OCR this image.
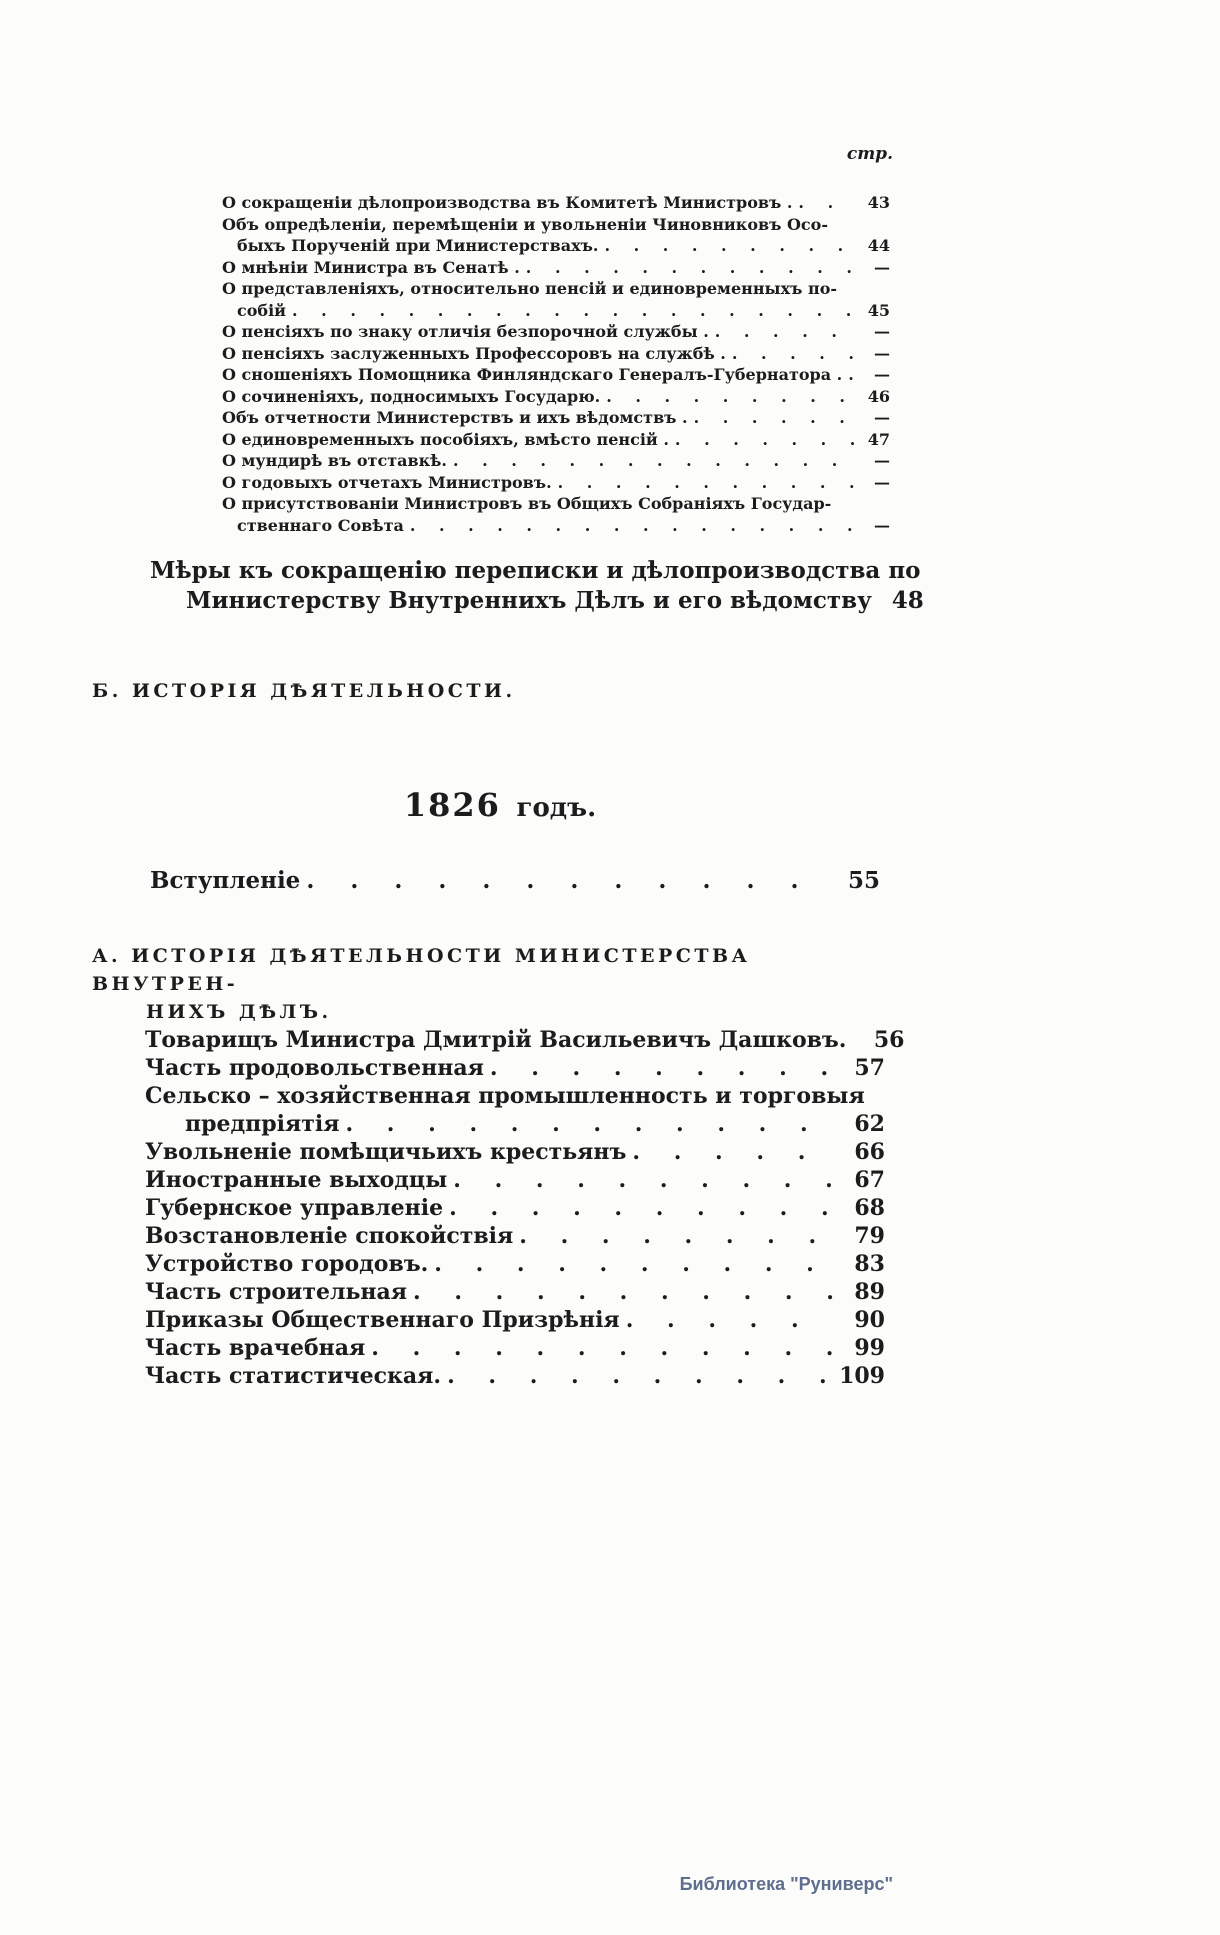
стр.
О сокращеніи дѣлопроизводства въ Комитетѣ Министровъ . . . .	43
Объ опредѣленіи, перемѣщеніи и увольненіи Чиновниковъ Осо-
быхъ Порученій при Министерствахъ. . . .	44
О мнѣніи Министра въ Сенатѣ . . . .	—
О представленіяхъ, относительно пенсій и единовременныхъ по-
собій . . .	45
О пенсіяхъ по знаку отличія безпорочной службы . . . .	—
О пенсіяхъ заслуженныхъ Профессоровъ на службѣ . . . .	—
О сношеніяхъ Помощника Финляндскаго Генералъ-Губернатора . . . .	—
О сочиненіяхъ, подносимыхъ Государю. . . .	46
Объ отчетности Министерствъ и ихъ вѣдомствъ . . . .	—
О единовременныхъ пособіяхъ, вмѣсто пенсій . . . .	47
О мундирѣ въ отставкѣ. . . .	—
О годовыхъ отчетахъ Министровъ. . . .	—
О присутствованіи Министровъ въ Общихъ Собраніяхъ Государ-
ственнаго Совѣта . . .	—
Мѣры къ сокращенію переписки и дѣлопроизводства по
Министерству Внутреннихъ Дѣлъ и его вѣдомству 48
Б. ИСТОРІЯ ДѢЯТЕЛЬНОСТИ.
1826 годъ.
Вступленіе . . .	55
А. ИСТОРІЯ ДѢЯТЕЛЬНОСТИ МИНИСТЕРСТВА ВНУТРЕН-
НИХЪ ДѢЛЪ.
Товарищъ Министра Дмитрій Васильевичъ Дашковъ.	56
Часть продовольственная . . .	57
Сельско – хозяйственная промышленность и торговыя
предпріятія . . .	62
Увольненіе помѣщичьихъ крестьянъ . . .	66
Иностранные выходцы . . .	67
Губернское управленіе . . .	68
Возстановленіе спокойствія . . .	79
Устройство городовъ. . . .	83
Часть строительная . . .	89
Приказы Общественнаго Призрѣнія . . .	90
Часть врачебная . . .	99
Часть статистическая. . . .	109
Библиотека "Руниверс"
